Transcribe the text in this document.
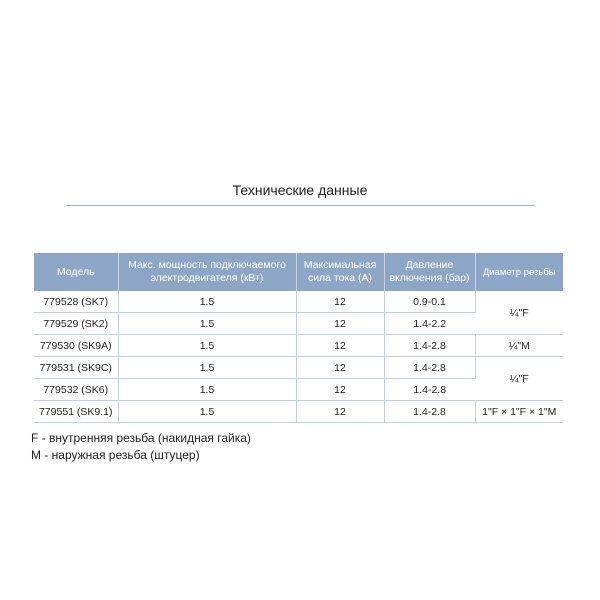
Технические данные
Модель	Макс. мощность подключаемого электродвигателя (кВт)	Максимальная сила тока (А)	Давление включения (бар)	Диаметр резьбы
779528 (SK7)	1.5	12	0.9-0.1	¼"F
779529 (SK2)	1.5	12	1.4-2.2	
779530 (SK9A)	1.5	12	1.4-2.8	¼"M
779531 (SK9C)	1.5	12	1.4-2.8	¼"F
779532 (SK6)	1.5	12	1.4-2.8	
779551 (SK9.1)	1.5	12	1.4-2.8	1"F × 1"F × 1"M
F - внутренняя резьба (накидная гайка)
M - наружная резьба (штуцер)
